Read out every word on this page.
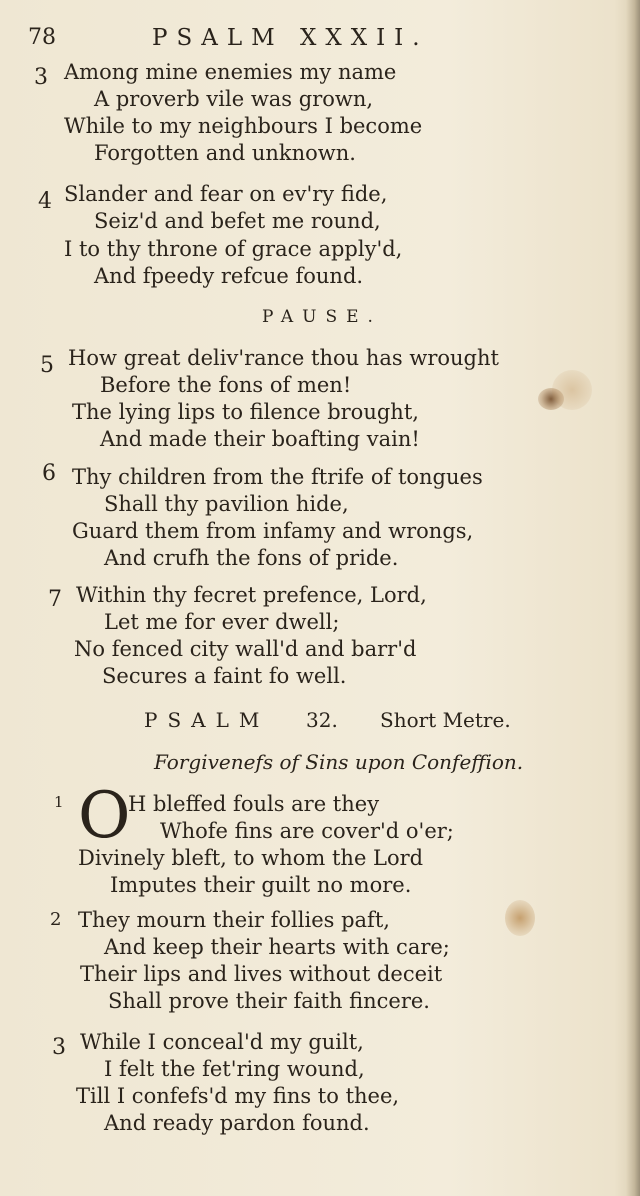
78	PSALM XXXII.
3 Among mine enemies my name
A proverb vile was grown,
While to my neighbours I become
Forgotten and unknown.
4 Slander and fear on ev'ry fide,
Seiz'd and befet me round,
I to thy throne of grace apply'd,
And fpeedy refcue found.
PAUSE.
5 How great deliv'rance thou has wrought
Before the fons of men!
The lying lips to filence brought,
And made their boafting vain!
6 Thy children from the ftrife of tongues
Shall thy pavilion hide,
Guard them from infamy and wrongs,
And crufh the fons of pride.
7 Within thy fecret prefence, Lord,
Let me for ever dwell;
No fenced city wall'd and barr'd
Secures a faint fo well.
PSALM 32. Short Metre.
Forgivenefs of Sins upon Confeffion.
1 O
H bleffed fouls are they
Whofe fins are cover'd o'er;
Divinely bleft, to whom the Lord
Imputes their guilt no more.
2 They mourn their follies paft,
And keep their hearts with care;
Their lips and lives without deceit
Shall prove their faith fincere.
3 While I conceal'd my guilt,
I felt the fet'ring wound,
Till I confefs'd my fins to thee,
And ready pardon found.
